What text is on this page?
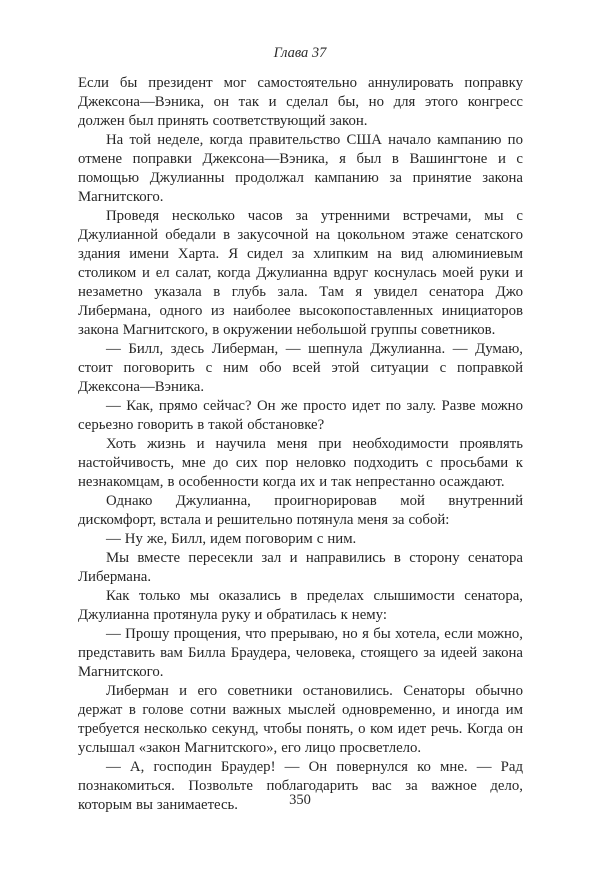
Глава 37

Если бы президент мог самостоятельно аннулировать поправку Джексона—Вэника, он так и сделал бы, но для этого конгресс должен был принять соответствующий закон.

На той неделе, когда правительство США начало кампанию по отмене поправки Джексона—Вэника, я был в Вашингтоне и с помощью Джулианны продолжал кампанию за принятие закона Магнитского.

Проведя несколько часов за утренними встречами, мы с Джулианной обедали в закусочной на цокольном этаже сенатского здания имени Харта. Я сидел за хлипким на вид алюминиевым столиком и ел салат, когда Джулианна вдруг коснулась моей руки и незаметно указала в глубь зала. Там я увидел сенатора Джо Либермана, одного из наиболее высокопоставленных инициаторов закона Магнитского, в окружении небольшой группы советников.

— Билл, здесь Либерман, — шепнула Джулианна. — Думаю, стоит поговорить с ним обо всей этой ситуации с поправкой Джексона—Вэника.

— Как, прямо сейчас? Он же просто идет по залу. Разве можно серьезно говорить в такой обстановке?

Хоть жизнь и научила меня при необходимости проявлять настойчивость, мне до сих пор неловко подходить с просьбами к незнакомцам, в особенности когда их и так непрестанно осаждают.

Однако Джулианна, проигнорировав мой внутренний дискомфорт, встала и решительно потянула меня за собой:

— Ну же, Билл, идем поговорим с ним.

Мы вместе пересекли зал и направились в сторону сенатора Либермана.

Как только мы оказались в пределах слышимости сенатора, Джулианна протянула руку и обратилась к нему:

— Прошу прощения, что прерываю, но я бы хотела, если можно, представить вам Билла Браудера, человека, стоящего за идеей закона Магнитского.

Либерман и его советники остановились. Сенаторы обычно держат в голове сотни важных мыслей одновременно, и иногда им требуется несколько секунд, чтобы понять, о ком идет речь. Когда он услышал «закон Магнитского», его лицо просветлело.

— А, господин Браудер! — Он повернулся ко мне. — Рад познакомиться. Позвольте поблагодарить вас за важное дело, которым вы занимаетесь.	350
